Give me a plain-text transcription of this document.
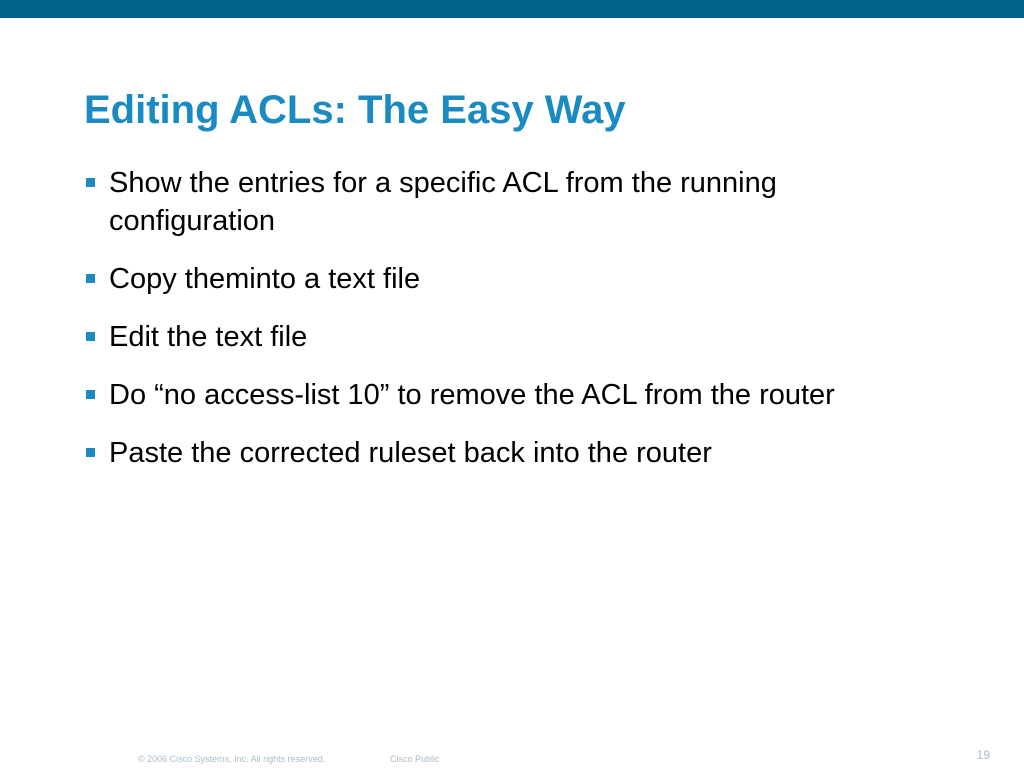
Editing ACLs: The Easy Way
Show the entries for a specific ACL from the running configuration
Copy theminto a text file
Edit the text file
Do “no access-list 10” to remove the ACL from the router
Paste the corrected ruleset back into the router
© 2006 Cisco Systems, Inc. All rights reserved.	Cisco Public	19
